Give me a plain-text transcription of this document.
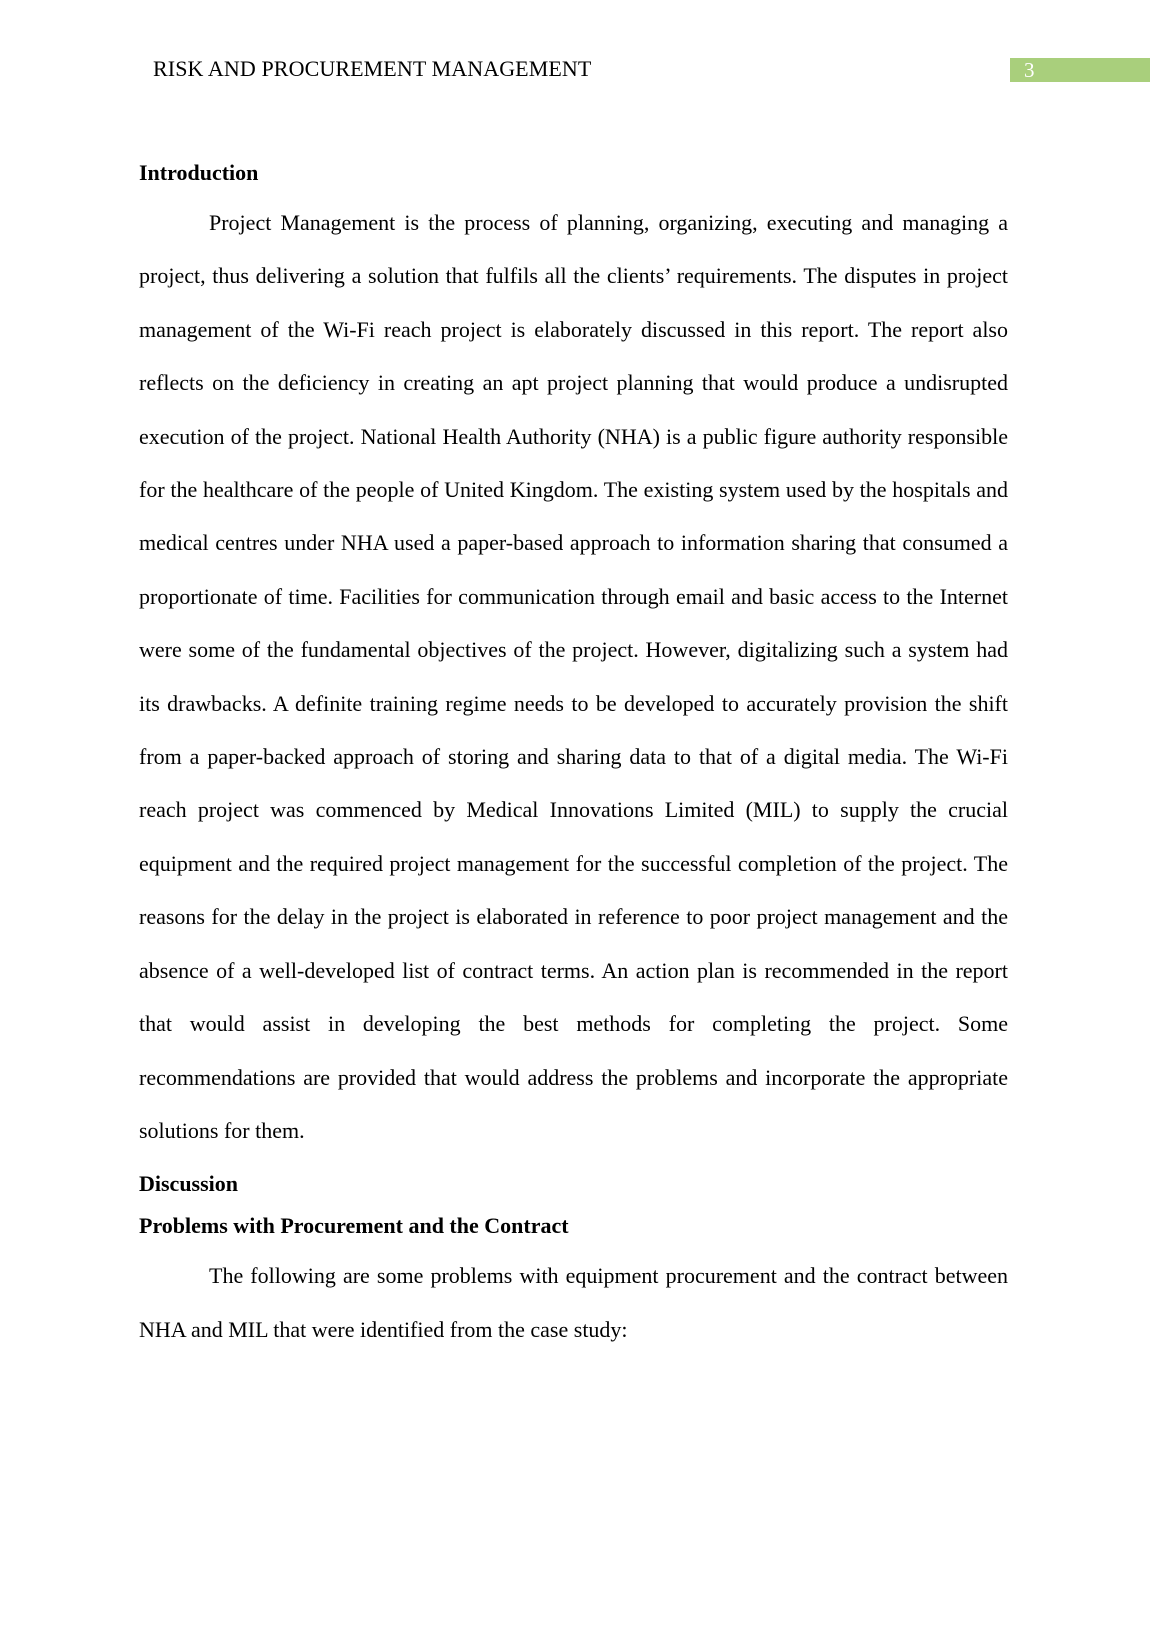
RISK AND PROCUREMENT MANAGEMENT	3
Introduction

Project Management is the process of planning, organizing, executing and managing a project, thus delivering a solution that fulfils all the clients’ requirements. The disputes in project management of the Wi-Fi reach project is elaborately discussed in this report. The report also reflects on the deficiency in creating an apt project planning that would produce a undisrupted execution of the project. National Health Authority (NHA) is a public figure authority responsible for the healthcare of the people of United Kingdom. The existing system used by the hospitals and medical centres under NHA used a paper-based approach to information sharing that consumed a proportionate of time. Facilities for communication through email and basic access to the Internet were some of the fundamental objectives of the project. However, digitalizing such a system had its drawbacks. A definite training regime needs to be developed to accurately provision the shift from a paper-backed approach of storing and sharing data to that of a digital media. The Wi-Fi reach project was commenced by Medical Innovations Limited (MIL) to supply the crucial equipment and the required project management for the successful completion of the project. The reasons for the delay in the project is elaborated in reference to poor project management and the absence of a well-developed list of contract terms. An action plan is recommended in the report that would assist in developing the best methods for completing the project. Some recommendations are provided that would address the problems and incorporate the appropriate solutions for them.

Discussion
Problems with Procurement and the Contract

The following are some problems with equipment procurement and the contract between NHA and MIL that were identified from the case study:
